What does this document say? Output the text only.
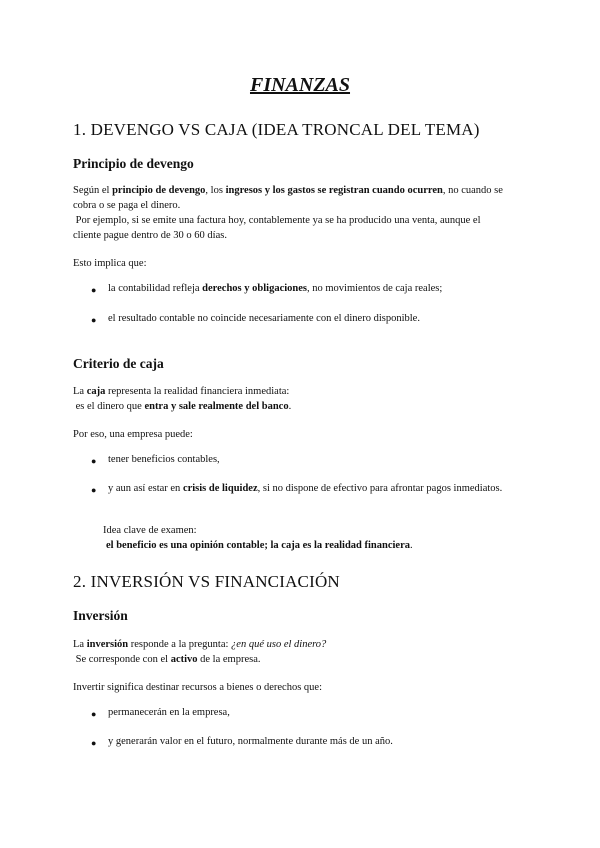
FINANZAS
1. DEVENGO VS CAJA (IDEA TRONCAL DEL TEMA)
Principio de devengo
Según el principio de devengo, los ingresos y los gastos se registran cuando ocurren, no cuando se
cobra o se paga el dinero.
Por ejemplo, si se emite una factura hoy, contablemente ya se ha producido una venta, aunque el
cliente pague dentro de 30 o 60 días.
Esto implica que:
● la contabilidad refleja derechos y obligaciones, no movimientos de caja reales;
● el resultado contable no coincide necesariamente con el dinero disponible.
Criterio de caja
La caja representa la realidad financiera inmediata:
es el dinero que entra y sale realmente del banco.
Por eso, una empresa puede:
● tener beneficios contables,
● y aun así estar en crisis de liquidez, si no dispone de efectivo para afrontar pagos inmediatos.
Idea clave de examen:
el beneficio es una opinión contable; la caja es la realidad financiera.
2. INVERSIÓN VS FINANCIACIÓN
Inversión
La inversión responde a la pregunta: ¿en qué uso el dinero?
Se corresponde con el activo de la empresa.
Invertir significa destinar recursos a bienes o derechos que:
● permanecerán en la empresa,
● y generarán valor en el futuro, normalmente durante más de un año.
